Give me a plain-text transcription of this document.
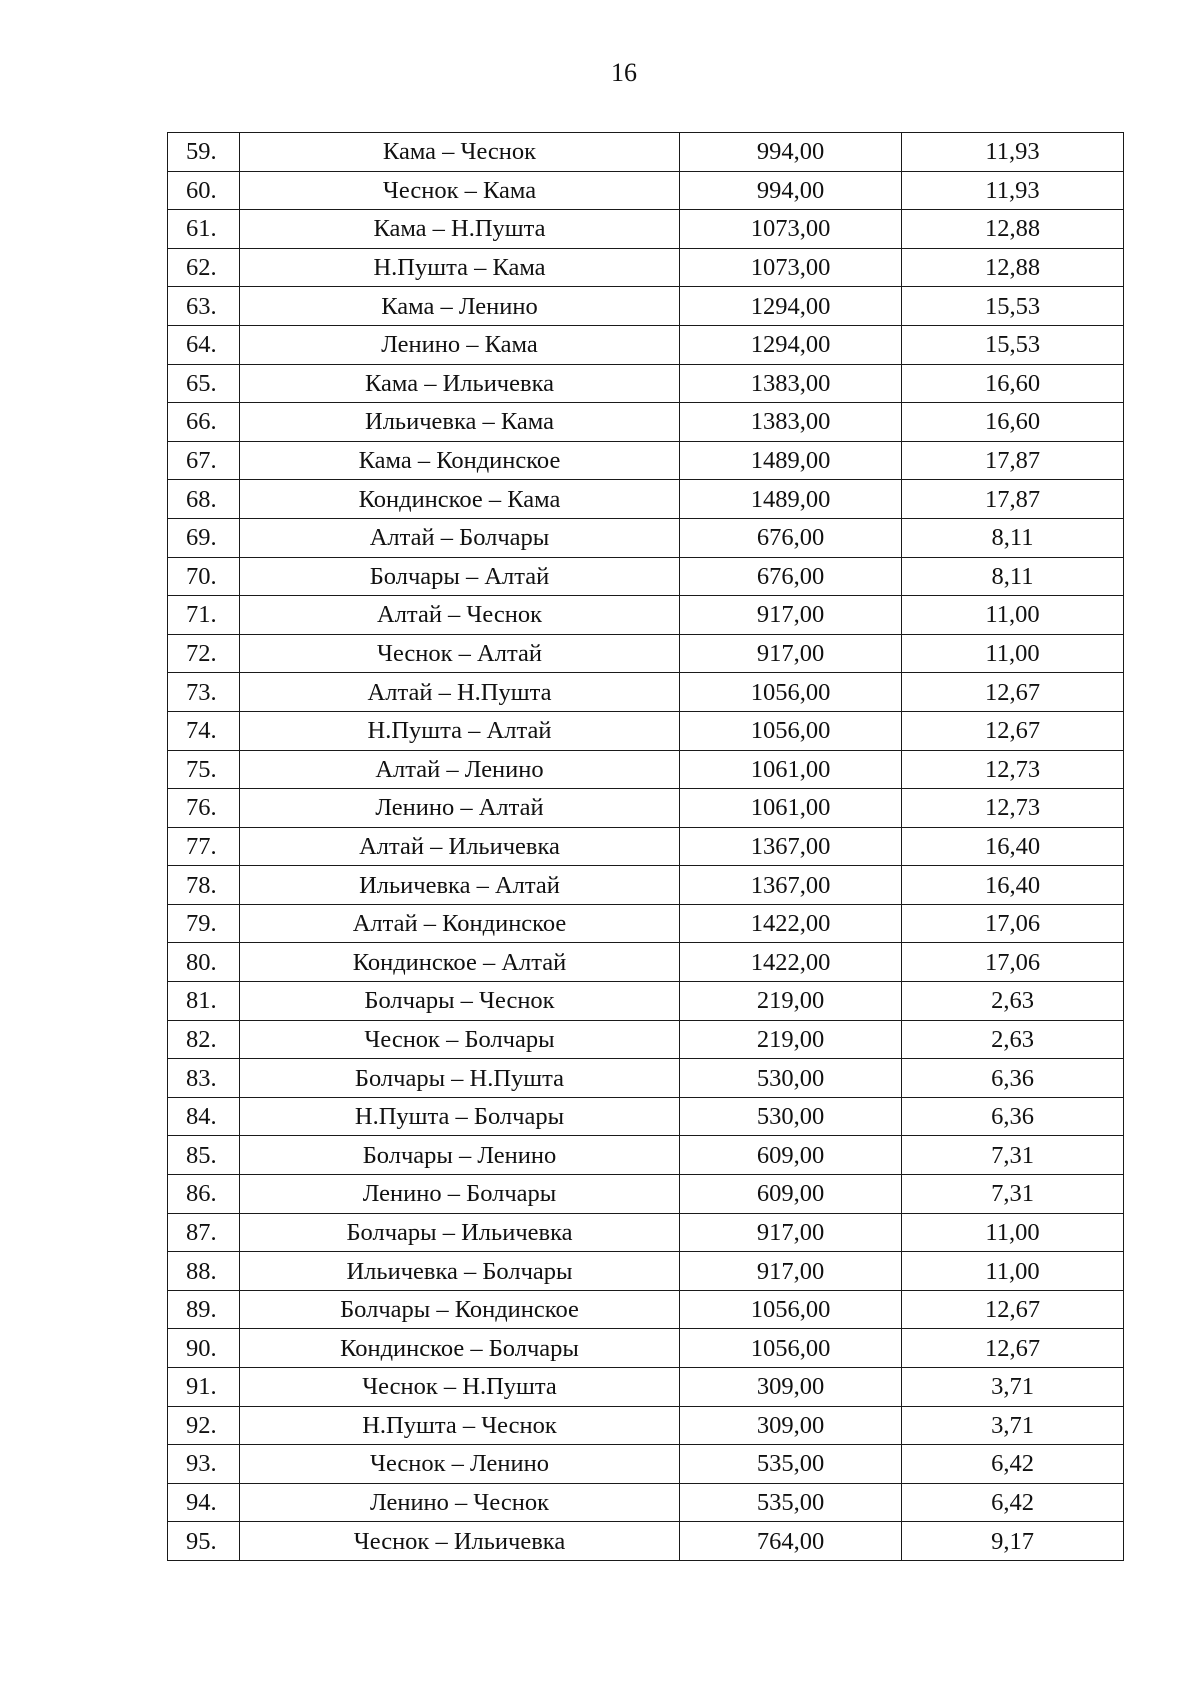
16
59.	Кама – Чеснок	994,00	11,93
60.	Чеснок – Кама	994,00	11,93
61.	Кама – Н.Пушта	1073,00	12,88
62.	Н.Пушта – Кама	1073,00	12,88
63.	Кама – Ленино	1294,00	15,53
64.	Ленино – Кама	1294,00	15,53
65.	Кама – Ильичевка	1383,00	16,60
66.	Ильичевка – Кама	1383,00	16,60
67.	Кама – Кондинское	1489,00	17,87
68.	Кондинское – Кама	1489,00	17,87
69.	Алтай – Болчары	676,00	8,11
70.	Болчары – Алтай	676,00	8,11
71.	Алтай – Чеснок	917,00	11,00
72.	Чеснок – Алтай	917,00	11,00
73.	Алтай – Н.Пушта	1056,00	12,67
74.	Н.Пушта – Алтай	1056,00	12,67
75.	Алтай – Ленино	1061,00	12,73
76.	Ленино – Алтай	1061,00	12,73
77.	Алтай – Ильичевка	1367,00	16,40
78.	Ильичевка – Алтай	1367,00	16,40
79.	Алтай – Кондинское	1422,00	17,06
80.	Кондинское – Алтай	1422,00	17,06
81.	Болчары – Чеснок	219,00	2,63
82.	Чеснок – Болчары	219,00	2,63
83.	Болчары – Н.Пушта	530,00	6,36
84.	Н.Пушта – Болчары	530,00	6,36
85.	Болчары – Ленино	609,00	7,31
86.	Ленино – Болчары	609,00	7,31
87.	Болчары – Ильичевка	917,00	11,00
88.	Ильичевка – Болчары	917,00	11,00
89.	Болчары – Кондинское	1056,00	12,67
90.	Кондинское – Болчары	1056,00	12,67
91.	Чеснок – Н.Пушта	309,00	3,71
92.	Н.Пушта – Чеснок	309,00	3,71
93.	Чеснок – Ленино	535,00	6,42
94.	Ленино – Чеснок	535,00	6,42
95.	Чеснок – Ильичевка	764,00	9,17
